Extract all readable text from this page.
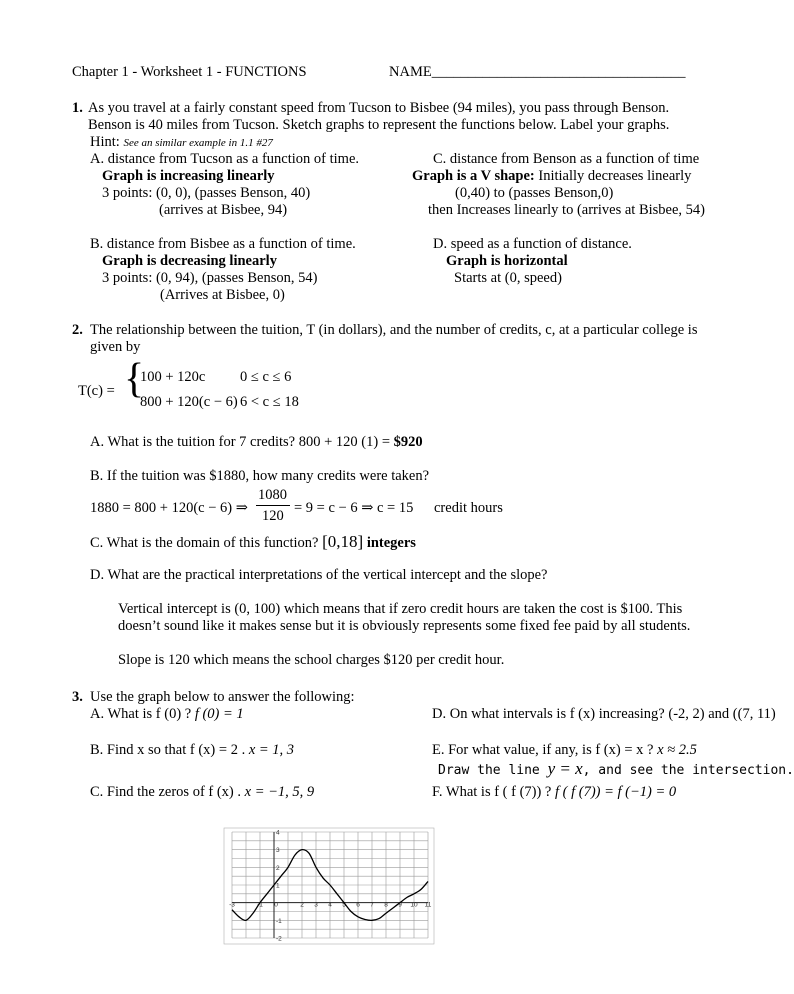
Chapter 1 - Worksheet 1 - FUNCTIONS	NAME___________________________________
1. As you travel at a fairly constant speed from Tucson to Bisbee (94 miles), you pass through Benson.
Benson is 40 miles from Tucson. Sketch graphs to represent the functions below. Label your graphs.
Hint: See an similar example in 1.1 #27
A. distance from Tucson as a function of time.
Graph is increasing linearly
3 points: (0, 0), (passes Benson, 40)
(arrives at Bisbee, 94)
C. distance from Benson as a function of time
Graph is a V shape: Initially decreases linearly
(0,40) to (passes Benson,0)
then Increases linearly to (arrives at Bisbee, 54)
B. distance from Bisbee as a function of time.
Graph is decreasing linearly
3 points: (0, 94), (passes Benson, 54)
(Arrives at Bisbee, 0)
D. speed as a function of distance.
Graph is horizontal
Starts at (0, speed)
2. The relationship between the tuition, T (in dollars), and the number of credits, c, at a particular college is
given by
T(c) = {
100 + 120c 0 ≤ c ≤ 6
800 + 120(c − 6) 6 < c ≤ 18
A. What is the tuition for 7 credits? 800 + 120 (1) = $920
B. If the tuition was $1880, how many credits were taken?
1880 = 800 + 120(c − 6) ⇒
1080
120 = 9 = c − 6 ⇒ c = 15 credit hours
C. What is the domain of this function? [0,18] integers
D. What are the practical interpretations of the vertical intercept and the slope?
Vertical intercept is (0, 100) which means that if zero credit hours are taken the cost is $100. This
doesn’t sound like it makes sense but it is obviously represents some fixed fee paid by all students.
Slope is 120 which means the school charges $120 per credit hour.
3. Use the graph below to answer the following:
A. What is f (0) ? f (0) = 1	D. On what intervals is f (x) increasing? (-2, 2) and ((7, 11)
B. Find x so that f (x) = 2 . x = 1, 3	E. For what value, if any, is f (x) = x ? x ≈ 2.5
Draw the line y = x, and see the intersection.
C. Find the zeros of f (x) . x = −1, 5, 9	F. What is f ( f (7)) ? f ( f (7)) = f (−1) = 0
-3	-1 0	2 3 4 5 6 7 8 9 10 11
4
3
2
1
-1
-2
